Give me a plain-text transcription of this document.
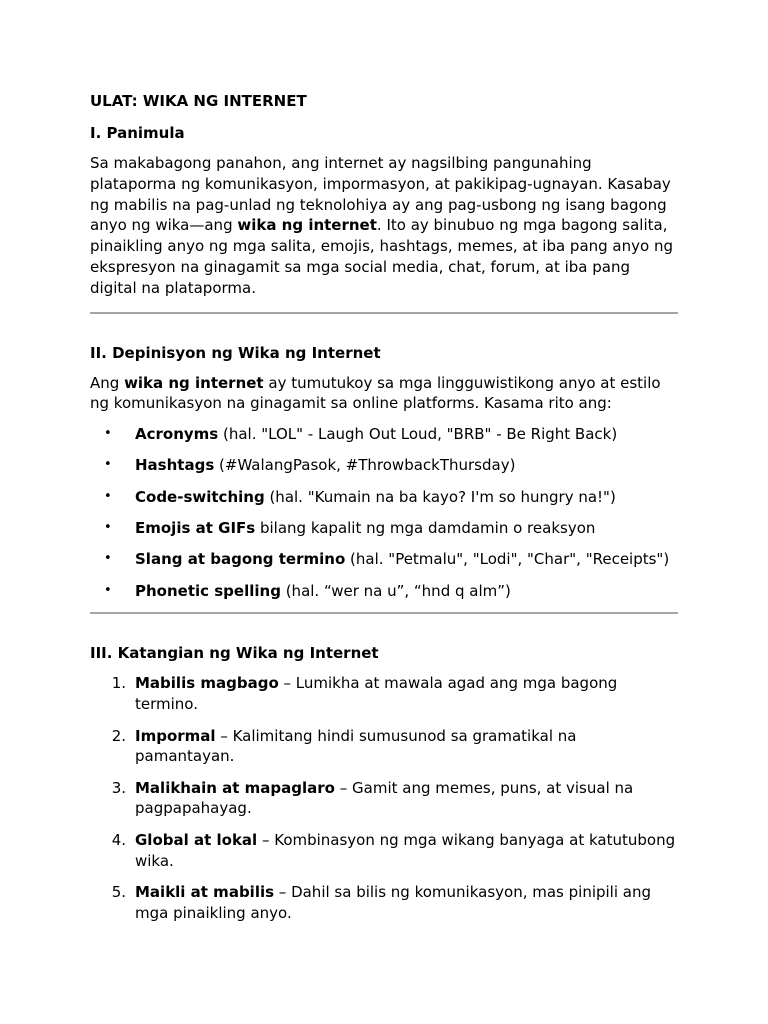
ULAT: WIKA NG INTERNET
I. Panimula

Sa makabagong panahon, ang internet ay nagsilbing pangunahing plataporma ng komunikasyon, impormasyon, at pakikipag-ugnayan. Kasabay ng mabilis na pag-unlad ng teknolohiya ay ang pag-usbong ng isang bagong anyo ng wika—ang wika ng internet. Ito ay binubuo ng mga bagong salita, pinaikling anyo ng mga salita, emojis, hashtags, memes, at iba pang anyo ng ekspresyon na ginagamit sa mga social media, chat, forum, at iba pang digital na plataporma.

II. Depinisyon ng Wika ng Internet

Ang wika ng internet ay tumutukoy sa mga lingguwistikong anyo at estilo ng komunikasyon na ginagamit sa online platforms. Kasama rito ang:

• Acronyms (hal. "LOL" - Laugh Out Loud, "BRB" - Be Right Back)
• Hashtags (#WalangPasok, #ThrowbackThursday)
• Code-switching (hal. "Kumain na ba kayo? I'm so hungry na!")
• Emojis at GIFs bilang kapalit ng mga damdamin o reaksyon
• Slang at bagong termino (hal. "Petmalu", "Lodi", "Char", "Receipts")
• Phonetic spelling (hal. “wer na u”, “hnd q alm”)
III. Katangian ng Wika ng Internet
1. Mabilis magbago – Lumikha at mawala agad ang mga bagong termino.
2. Impormal – Kalimitang hindi sumusunod sa gramatikal na pamantayan.
3. Malikhain at mapaglaro – Gamit ang memes, puns, at visual na pagpapahayag.
4. Global at lokal – Kombinasyon ng mga wikang banyaga at katutubong wika.
5. Maikli at mabilis – Dahil sa bilis ng komunikasyon, mas pinipili ang mga pinaikling anyo.
